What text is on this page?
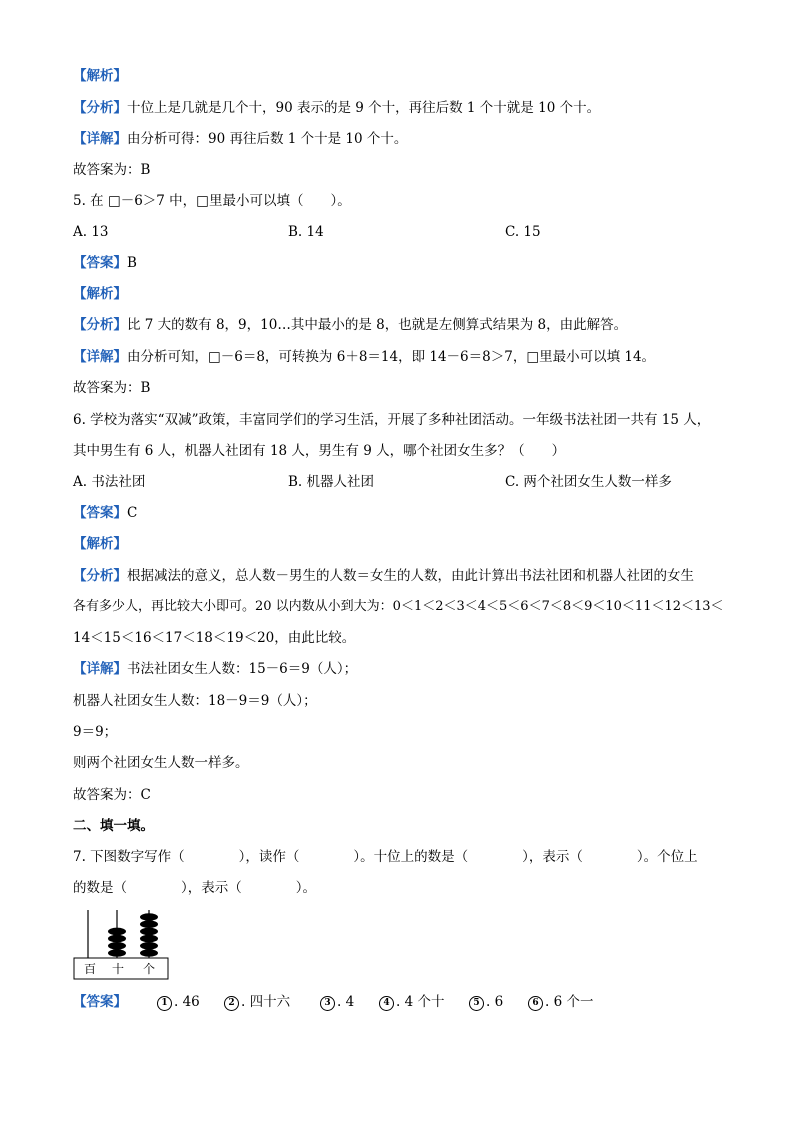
【解析】
【分析】十位上是几就是几个十，90 表示的是 9 个十，再往后数 1 个十就是 10 个十。
【详解】由分析可得：90 再往后数 1 个十是 10 个十。
故答案为：B
5. 在 □－6＞7 中，□里最小可以填（　　）。
A. 13	B. 14	C. 15
【答案】B
【解析】
【分析】比 7 大的数有 8，9，10…其中最小的是 8，也就是左侧算式结果为 8，由此解答。
【详解】由分析可知，□－6＝8，可转换为 6＋8＝14，即 14－6＝8＞7，□里最小可以填 14。
故答案为：B
6. 学校为落实“双减”政策，丰富同学们的学习生活，开展了多种社团活动。一年级书法社团一共有 15 人，
其中男生有 6 人，机器人社团有 18 人，男生有 9 人，哪个社团女生多？（　　）
A. 书法社团	B. 机器人社团	C. 两个社团女生人数一样多
【答案】C
【解析】
【分析】根据减法的意义，总人数－男生的人数＝女生的人数，由此计算出书法社团和机器人社团的女生
各有多少人，再比较大小即可。20 以内数从小到大为：0＜1＜2＜3＜4＜5＜6＜7＜8＜9＜10＜11＜12＜13＜
14＜15＜16＜17＜18＜19＜20，由此比较。
【详解】书法社团女生人数：15－6＝9（人）；
机器人社团女生人数：18－9＝9（人）；
9＝9；
则两个社团女生人数一样多。
故答案为：C
二、填一填。
7. 下图数字写作（　　　　），读作（　　　　）。十位上的数是（　　　　），表示（　　　　）。个位上
的数是（　　　　），表示（　　　　）。
百 十 个
【答案】	1 . 46	2 . 四十六	3 . 4	4 . 4 个十	5 . 6	6 . 6 个一
